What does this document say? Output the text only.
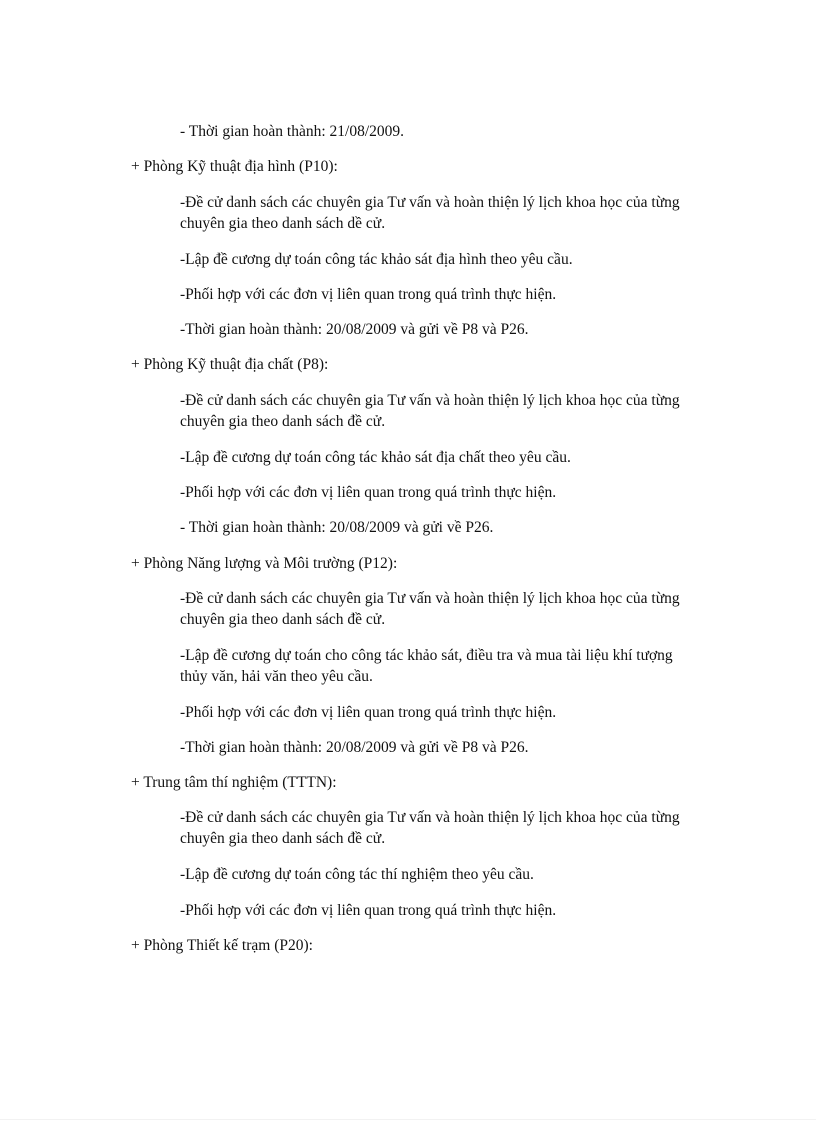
- Thời gian hoàn thành: 21/08/2009.
+ Phòng Kỹ thuật địa hình (P10):
-Đề cử danh sách các chuyên gia Tư vấn và hoàn thiện lý lịch khoa học của từng
chuyên gia theo danh sách dề cử.
-Lập đề cương dự toán công tác khảo sát địa hình theo yêu cầu.
-Phối hợp với các đơn vị liên quan trong quá trình thực hiện.
-Thời gian hoàn thành: 20/08/2009 và gửi về P8 và P26.
+ Phòng Kỹ thuật địa chất (P8):
-Đề cử danh sách các chuyên gia Tư vấn và hoàn thiện lý lịch khoa học của từng
chuyên gia theo danh sách đề cử.
-Lập đề cương dự toán công tác khảo sát địa chất theo yêu cầu.
-Phối hợp với các đơn vị liên quan trong quá trình thực hiện.
- Thời gian hoàn thành: 20/08/2009 và gửi về P26.
+ Phòng Năng lượng và Môi trường (P12):
-Đề cử danh sách các chuyên gia Tư vấn và hoàn thiện lý lịch khoa học của từng
chuyên gia theo danh sách đề cử.
-Lập đề cương dự toán cho công tác khảo sát, điều tra và mua tài liệu khí tượng
thủy văn, hải văn theo yêu cầu.
-Phối hợp với các đơn vị liên quan trong quá trình thực hiện.
-Thời gian hoàn thành: 20/08/2009 và gửi về P8 và P26.
+ Trung tâm thí nghiệm (TTTN):
-Đề cử danh sách các chuyên gia Tư vấn và hoàn thiện lý lịch khoa học của từng
chuyên gia theo danh sách đề cử.
-Lập đề cương dự toán công tác thí nghiệm theo yêu cầu.
-Phối hợp với các đơn vị liên quan trong quá trình thực hiện.
+ Phòng Thiết kế trạm (P20):
